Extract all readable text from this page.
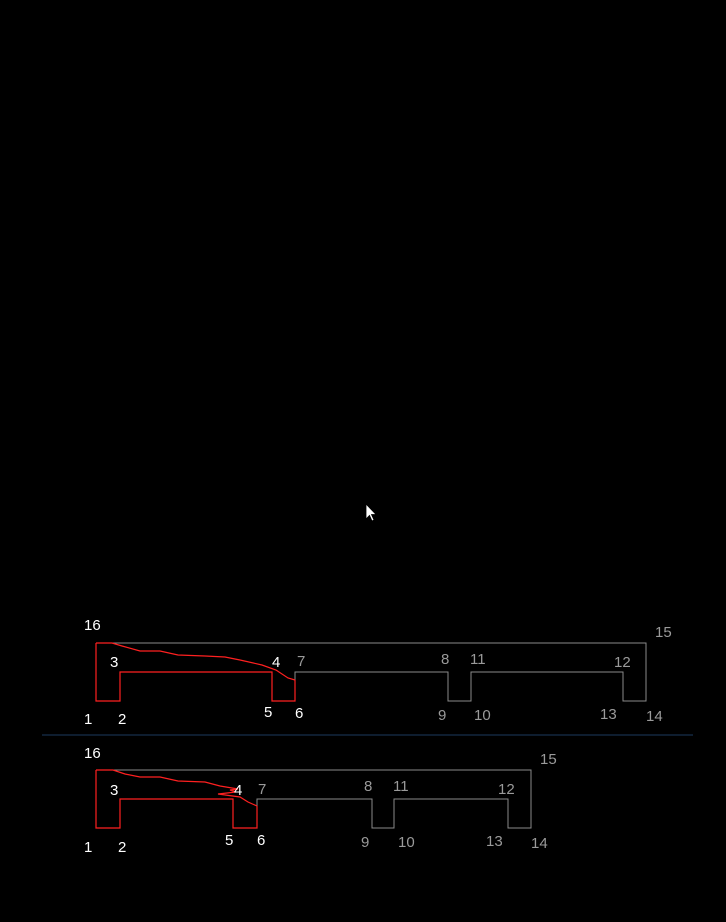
1 2
3	4
5 6
7	8
9 10
11	12
13 14
15
16
1 2
3	4
5 6
7	8
9 10
11	12
13 14
15
16
